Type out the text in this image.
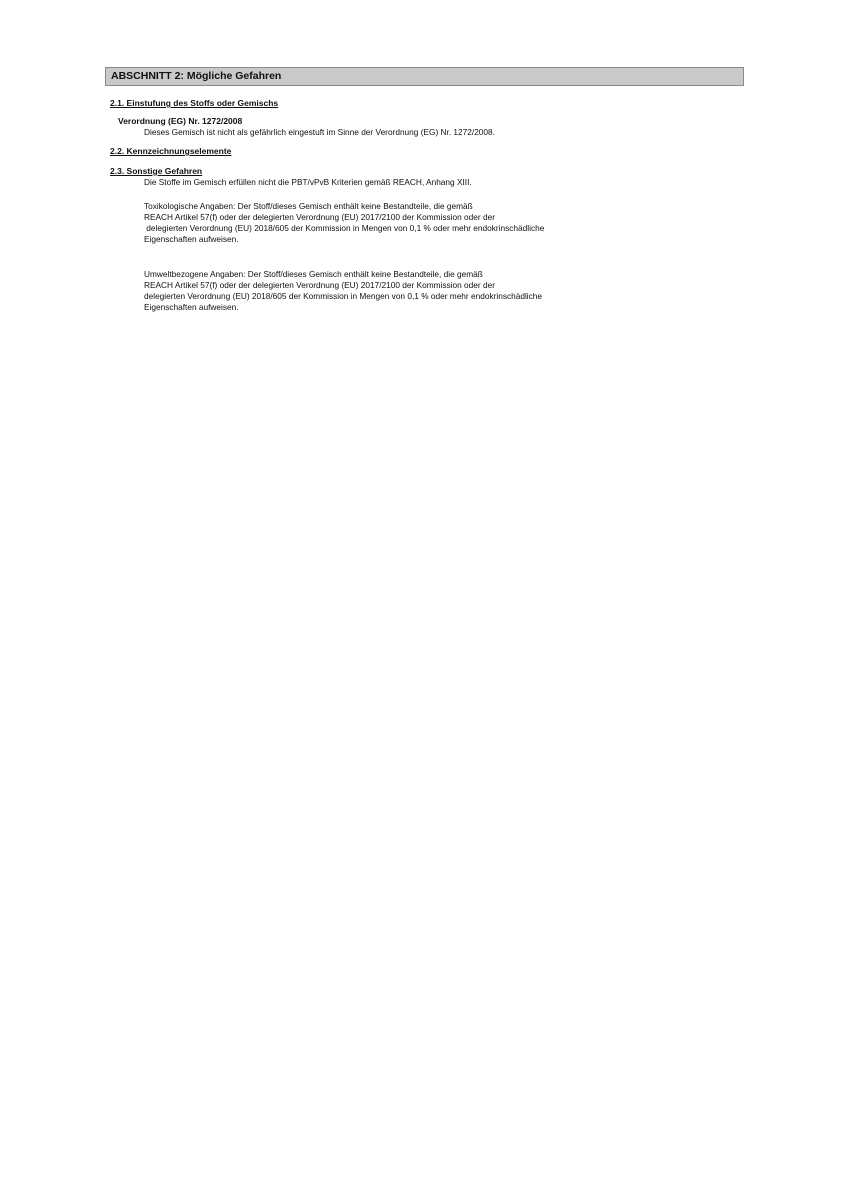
ABSCHNITT 2: Mögliche Gefahren
2.1. Einstufung des Stoffs oder Gemischs
Verordnung (EG) Nr. 1272/2008
Dieses Gemisch ist nicht als gefährlich eingestuft im Sinne der Verordnung (EG) Nr. 1272/2008.
2.2. Kennzeichnungselemente
2.3. Sonstige Gefahren
Die Stoffe im Gemisch erfüllen nicht die PBT/vPvB Kriterien gemäß REACH, Anhang XIII.
Toxikologische Angaben: Der Stoff/dieses Gemisch enthält keine Bestandteile, die gemäß
REACH Artikel 57(f) oder der delegierten Verordnung (EU) 2017/2100 der Kommission oder der
delegierten Verordnung (EU) 2018/605 der Kommission in Mengen von 0,1 % oder mehr endokrinschädliche
Eigenschaften aufweisen.
Umweltbezogene Angaben: Der Stoff/dieses Gemisch enthält keine Bestandteile, die gemäß
REACH Artikel 57(f) oder der delegierten Verordnung (EU) 2017/2100 der Kommission oder der
delegierten Verordnung (EU) 2018/605 der Kommission in Mengen von 0,1 % oder mehr endokrinschädliche
Eigenschaften aufweisen.
